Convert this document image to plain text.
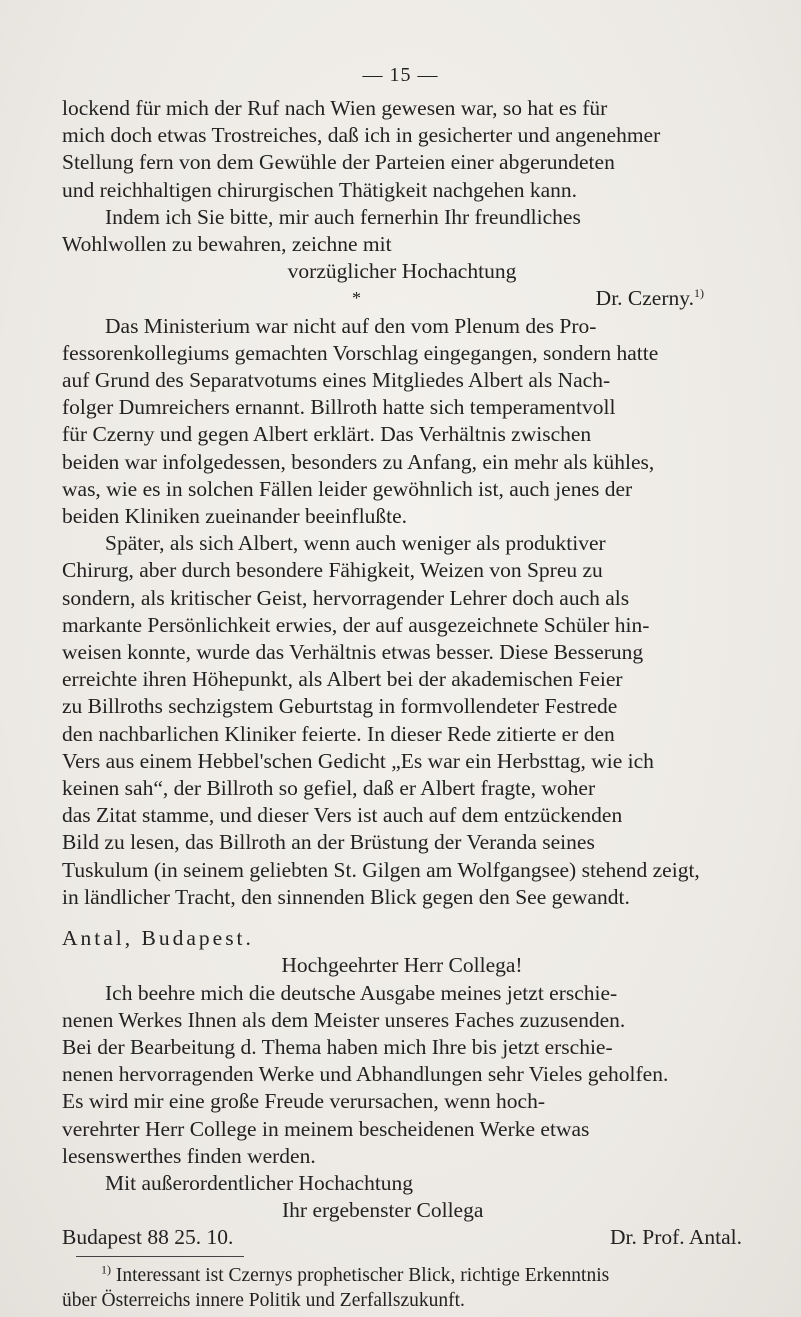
— 15 —

lockend für mich der Ruf nach Wien gewesen war, so hat es für
mich doch etwas Trostreiches, daß ich in gesicherter und angenehmer
Stellung fern von dem Gewühle der Parteien einer abgerundeten
und reichhaltigen chirurgischen Thätigkeit nachgehen kann.

Indem ich Sie bitte, mir auch fernerhin Ihr freundliches
Wohlwollen zu bewahren, zeichne mit

vorzüglicher Hochachtung

*	Dr. Czerny.$^{1)}$

Das Ministerium war nicht auf den vom Plenum des Pro-
fessorenkollegiums gemachten Vorschlag eingegangen, sondern hatte
auf Grund des Separatvotums eines Mitgliedes Albert als Nach-
folger Dumreichers ernannt. Billroth hatte sich temperamentvoll
für Czerny und gegen Albert erklärt. Das Verhältnis zwischen
beiden war infolgedessen, besonders zu Anfang, ein mehr als kühles,
was, wie es in solchen Fällen leider gewöhnlich ist, auch jenes der
beiden Kliniken zueinander beeinflußte.

Später, als sich Albert, wenn auch weniger als produktiver
Chirurg, aber durch besondere Fähigkeit, Weizen von Spreu zu
sondern, als kritischer Geist, hervorragender Lehrer doch auch als
markante Persönlichkeit erwies, der auf ausgezeichnete Schüler hin-
weisen konnte, wurde das Verhältnis etwas besser. Diese Besserung
erreichte ihren Höhepunkt, als Albert bei der akademischen Feier
zu Billroths sechzigstem Geburtstag in formvollendeter Festrede
den nachbarlichen Kliniker feierte. In dieser Rede zitierte er den
Vers aus einem Hebbel'schen Gedicht „Es war ein Herbsttag, wie ich
keinen sah“, der Billroth so gefiel, daß er Albert fragte, woher
das Zitat stamme, und dieser Vers ist auch auf dem entzückenden
Bild zu lesen, das Billroth an der Brüstung der Veranda seines
Tuskulum (in seinem geliebten St. Gilgen am Wolfgangsee) stehend zeigt,
in ländlicher Tracht, den sinnenden Blick gegen den See gewandt.

Antal, Budapest.

Hochgeehrter Herr Collega!

Ich beehre mich die deutsche Ausgabe meines jetzt erschie-
nenen Werkes Ihnen als dem Meister unseres Faches zuzusenden.
Bei der Bearbeitung d. Thema haben mich Ihre bis jetzt erschie-
nenen hervorragenden Werke und Abhandlungen sehr Vieles geholfen.
Es wird mir eine große Freude verursachen, wenn hoch-
verehrter Herr College in meinem bescheidenen Werke etwas
lesenswerthes finden werden.

Mit außerordentlicher Hochachtung

Ihr ergebenster Collega

Budapest 88 25. 10.	Dr. Prof. Antal.

$^{1)}$ Interessant ist Czernys prophetischer Blick, richtige Erkenntnis
über Österreichs innere Politik und Zerfallszukunft.
